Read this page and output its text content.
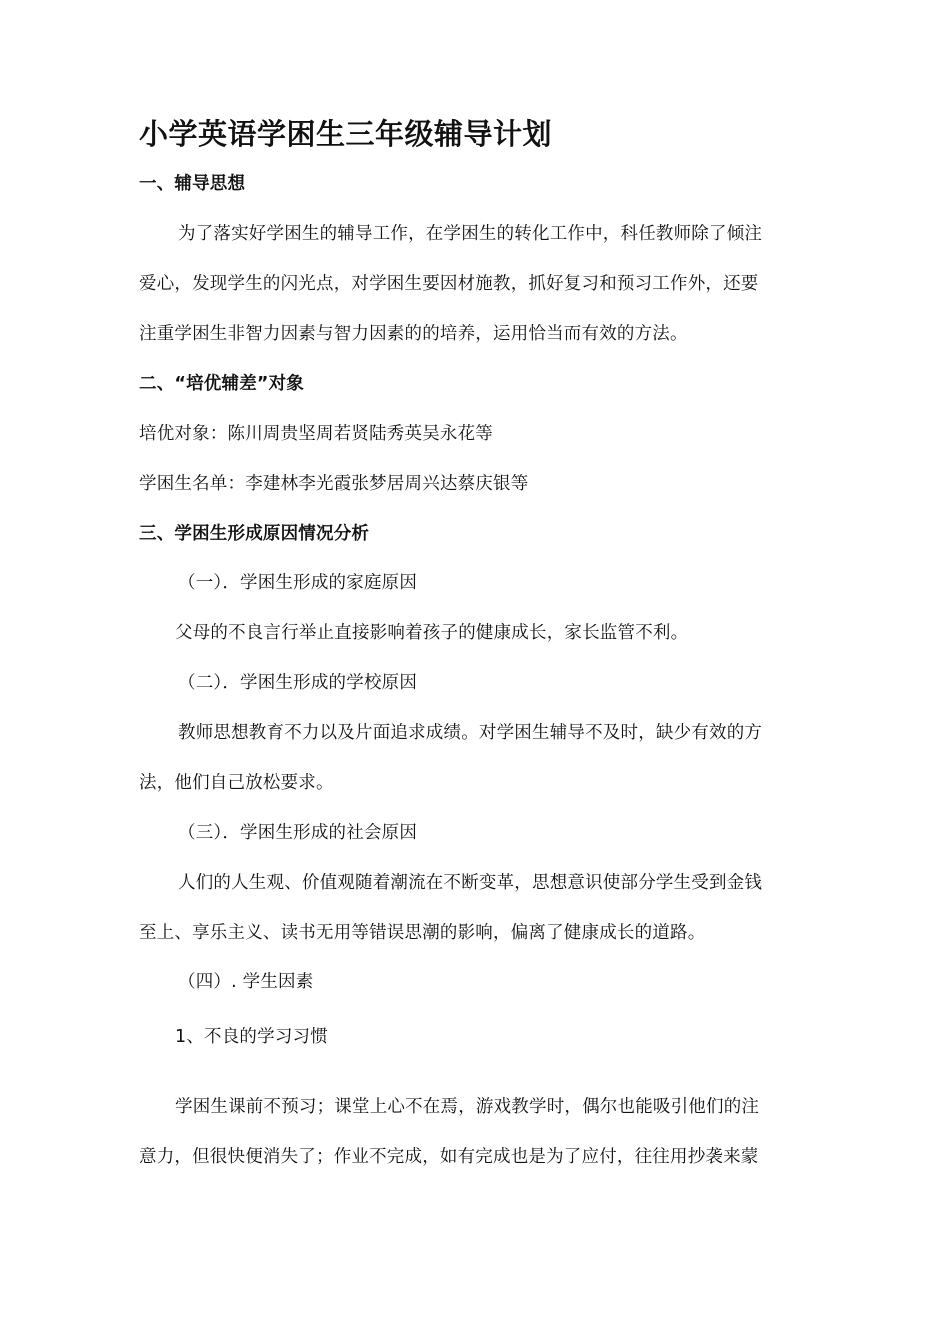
小学英语学困生三年级辅导计划
一、辅导思想
为了落实好学困生的辅导工作，在学困生的转化工作中，科任教师除了倾注
爱心，发现学生的闪光点，对学困生要因材施教，抓好复习和预习工作外，还要
注重学困生非智力因素与智力因素的的培养，运用恰当而有效的方法。
二、“培优辅差”对象
培优对象：陈川周贵坚周若贤陆秀英吴永花等
学困生名单：李建林李光霞张梦居周兴达蔡庆银等
三、学困生形成原因情况分析
（一）．学困生形成的家庭原因
父母的不良言行举止直接影响着孩子的健康成长，家长监管不利。
（二）．学困生形成的学校原因
教师思想教育不力以及片面追求成绩。对学困生辅导不及时，缺少有效的方
法，他们自己放松要求。
（三）．学困生形成的社会原因
人们的人生观、价值观随着潮流在不断变革，思想意识使部分学生受到金钱
至上、享乐主义、读书无用等错误思潮的影响，偏离了健康成长的道路。
（四）. 学生因素
1、不良的学习习惯
学困生课前不预习；课堂上心不在焉，游戏教学时，偶尔也能吸引他们的注
意力，但很快便消失了；作业不完成，如有完成也是为了应付，往往用抄袭来蒙
